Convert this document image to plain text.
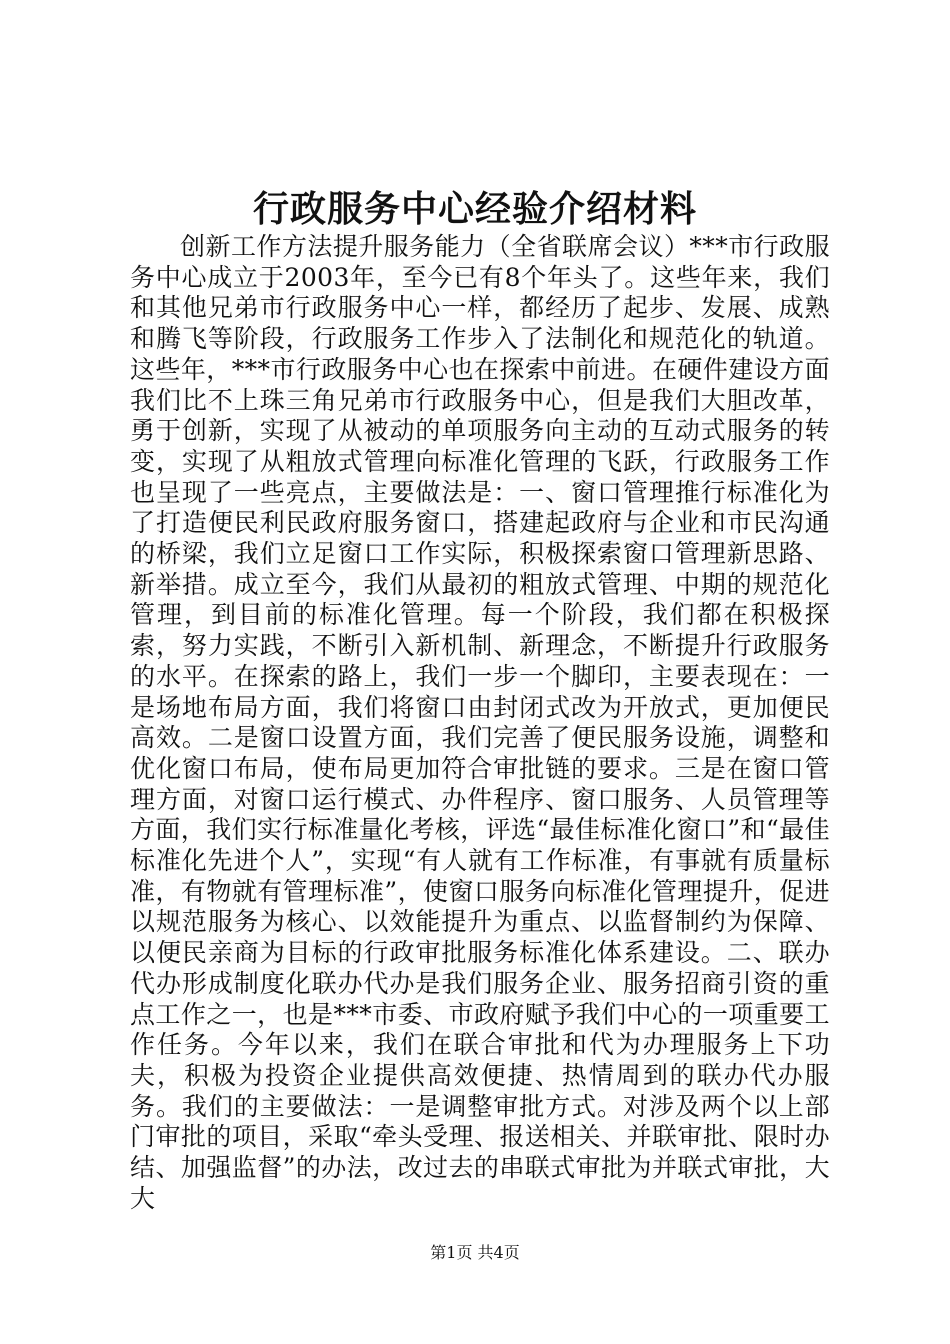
行政服务中心经验介绍材料

创新工作方法提升服务能力（全省联席会议）***市行政服务中心成立于2003年，至今已有8个年头了。这些年来，我们和其他兄弟市行政服务中心一样，都经历了起步、发展、成熟和腾飞等阶段，行政服务工作步入了法制化和规范化的轨道。这些年，***市行政服务中心也在探索中前进。在硬件建设方面我们比不上珠三角兄弟市行政服务中心，但是我们大胆改革，勇于创新，实现了从被动的单项服务向主动的互动式服务的转变，实现了从粗放式管理向标准化管理的飞跃，行政服务工作也呈现了一些亮点，主要做法是：一、窗口管理推行标准化为了打造便民利民政府服务窗口，搭建起政府与企业和市民沟通的桥梁，我们立足窗口工作实际，积极探索窗口管理新思路、新举措。成立至今，我们从最初的粗放式管理、中期的规范化管理，到目前的标准化管理。每一个阶段，我们都在积极探索，努力实践，不断引入新机制、新理念，不断提升行政服务的水平。在探索的路上，我们一步一个脚印，主要表现在：一是场地布局方面，我们将窗口由封闭式改为开放式，更加便民高效。二是窗口设置方面，我们完善了便民服务设施，调整和优化窗口布局，使布局更加符合审批链的要求。三是在窗口管理方面，对窗口运行模式、办件程序、窗口服务、人员管理等方面，我们实行标准量化考核，评选“最佳标准化窗口”和“最佳标准化先进个人”，实现“有人就有工作标准，有事就有质量标准，有物就有管理标准”，使窗口服务向标准化管理提升，促进以规范服务为核心、以效能提升为重点、以监督制约为保障、以便民亲商为目标的行政审批服务标准化体系建设。二、联办代办形成制度化联办代办是我们服务企业、服务招商引资的重点工作之一，也是***市委、市政府赋予我们中心的一项重要工作任务。今年以来，我们在联合审批和代为办理服务上下功夫，积极为投资企业提供高效便捷、热情周到的联办代办服务。我们的主要做法：一是调整审批方式。对涉及两个以上部门审批的项目，采取“牵头受理、报送相关、并联审批、限时办结、加强监督”的办法，改过去的串联式审批为并联式审批，大大

第1页 共4页
